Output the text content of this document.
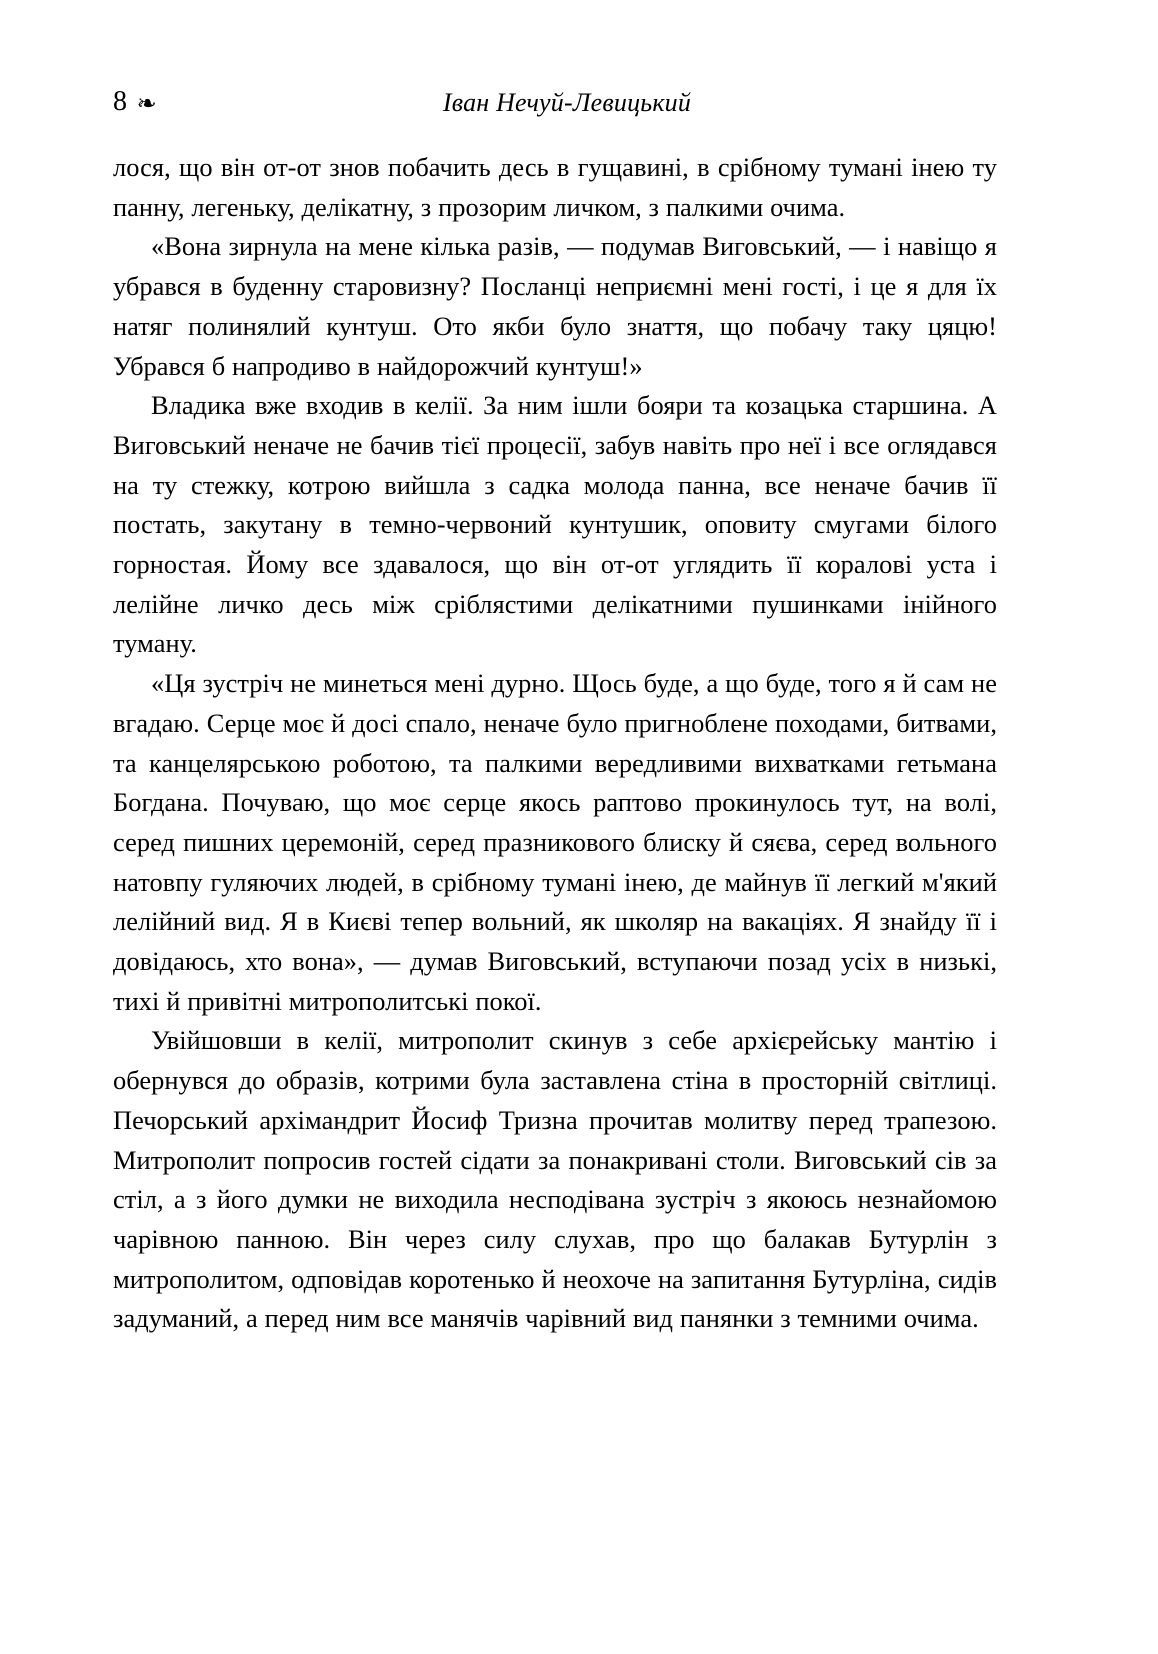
8 ❧	Іван Нечуй-Левицький

лося, що він от-от знов побачить десь в гущавині, в срібному тумані інею ту панну, легеньку, делікатну, з прозорим личком, з палкими очима.

«Вона зирнула на мене кілька разів, — подумав Виговський, — і навіщо я убрався в буденну старовизну? Посланці неприємні мені гості, і це я для їх натяг полинялий кунтуш. Ото якби було знаття, що побачу таку цяцю! Убрався б напродиво в найдорожчий кунтуш!»

Владика вже входив в келії. За ним ішли бояри та козацька старшина. А Виговський неначе не бачив тієї процесії, забув навіть про неї і все оглядався на ту стежку, котрою вийшла з садка молода панна, все неначе бачив її постать, закутану в темно-червоний кунтушик, оповиту смугами білого горностая. Йому все здавалося, що він от-от углядить її коралові уста і лелійне личко десь між сріблястими делікатними пушинками інійного туману.

«Ця зустріч не минеться мені дурно. Щось буде, а що буде, того я й сам не вгадаю. Серце моє й досі спало, неначе було пригноблене походами, битвами, та канцелярською роботою, та палкими вередливими вихватками гетьмана Богдана. Почуваю, що моє серце якось раптово прокинулось тут, на волі, серед пишних церемоній, серед празникового блиску й сяєва, серед вольного натовпу гуляючих людей, в срібному тумані інею, де майнув її легкий м'який лелійний вид. Я в Києві тепер вольний, як школяр на вакаціях. Я знайду її і довідаюсь, хто вона», — думав Виговський, вступаючи позад усіх в низькі, тихі й привітні митрополитські покої.

Увійшовши в келії, митрополит скинув з себе архієрейську мантію і обернувся до образів, котрими була заставлена стіна в просторній світлиці. Печорський архімандрит Йосиф Тризна прочитав молитву перед трапезою. Митрополит попросив гостей сідати за понакривані столи. Виговський сів за стіл, а з його думки не виходила несподівана зустріч з якоюсь незнайомою чарівною панною. Він через силу слухав, про що балакав Бутурлін з митрополитом, одповідав коротенько й неохоче на запитання Бутурліна, сидів задуманий, а перед ним все манячів чарівний вид панянки з темними очима.
